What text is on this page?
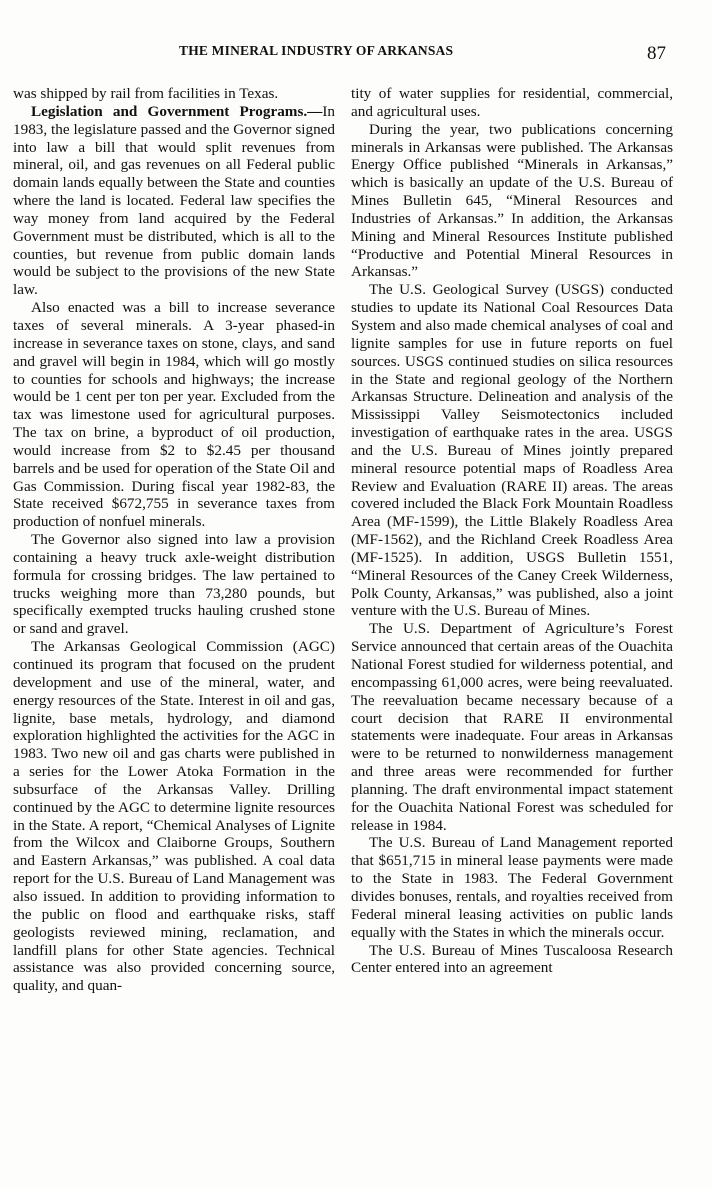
THE MINERAL INDUSTRY OF ARKANSAS	87

was shipped by rail from facilities in Texas.

Legislation and Government Programs.—In 1983, the legislature passed and the Governor signed into law a bill that would split revenues from mineral, oil, and gas revenues on all Federal public domain lands equally between the State and counties where the land is located. Federal law specifies the way money from land acquired by the Federal Government must be distributed, which is all to the counties, but revenue from public domain lands would be subject to the provisions of the new State law.

Also enacted was a bill to increase severance taxes of several minerals. A 3-year phased-in increase in severance taxes on stone, clays, and sand and gravel will begin in 1984, which will go mostly to counties for schools and highways; the increase would be 1 cent per ton per year. Excluded from the tax was limestone used for agricultural purposes. The tax on brine, a byproduct of oil production, would increase from $2 to $2.45 per thousand barrels and be used for operation of the State Oil and Gas Commission. During fiscal year 1982-83, the State received $672,755 in severance taxes from production of nonfuel minerals.

The Governor also signed into law a provision containing a heavy truck axle-weight distribution formula for crossing bridges. The law pertained to trucks weighing more than 73,280 pounds, but specifically exempted trucks hauling crushed stone or sand and gravel.

The Arkansas Geological Commission (AGC) continued its program that focused on the prudent development and use of the mineral, water, and energy resources of the State. Interest in oil and gas, lignite, base metals, hydrology, and diamond exploration highlighted the activities for the AGC in 1983. Two new oil and gas charts were published in a series for the Lower Atoka Formation in the subsurface of the Arkansas Valley. Drilling continued by the AGC to determine lignite resources in the State. A report, “Chemical Analyses of Lignite from the Wilcox and Claiborne Groups, Southern and Eastern Arkansas,” was published. A coal data report for the U.S. Bureau of Land Management was also issued. In addition to providing information to the public on flood and earthquake risks, staff geologists reviewed mining, reclamation, and landfill plans for other State agencies. Technical assistance was also provided concerning source, quality, and quan-

tity of water supplies for residential, commercial, and agricultural uses.

During the year, two publications concerning minerals in Arkansas were published. The Arkansas Energy Office published “Minerals in Arkansas,” which is basically an update of the U.S. Bureau of Mines Bulletin 645, “Mineral Resources and Industries of Arkansas.” In addition, the Arkansas Mining and Mineral Resources Institute published “Productive and Potential Mineral Resources in Arkansas.”

The U.S. Geological Survey (USGS) conducted studies to update its National Coal Resources Data System and also made chemical analyses of coal and lignite samples for use in future reports on fuel sources. USGS continued studies on silica resources in the State and regional geology of the Northern Arkansas Structure. Delineation and analysis of the Mississippi Valley Seismotectonics included investigation of earthquake rates in the area. USGS and the U.S. Bureau of Mines jointly prepared mineral resource potential maps of Roadless Area Review and Evaluation (RARE II) areas. The areas covered included the Black Fork Mountain Roadless Area (MF-1599), the Little Blakely Roadless Area (MF-1562), and the Richland Creek Roadless Area (MF-1525). In addition, USGS Bulletin 1551, “Mineral Resources of the Caney Creek Wilderness, Polk County, Arkansas,” was published, also a joint venture with the U.S. Bureau of Mines.

The U.S. Department of Agriculture’s Forest Service announced that certain areas of the Ouachita National Forest studied for wilderness potential, and encompassing 61,000 acres, were being reevaluated. The reevaluation became necessary because of a court decision that RARE II environmental statements were inadequate. Four areas in Arkansas were to be returned to nonwilderness management and three areas were recommended for further planning. The draft environmental impact statement for the Ouachita National Forest was scheduled for release in 1984.

The U.S. Bureau of Land Management reported that $651,715 in mineral lease payments were made to the State in 1983. The Federal Government divides bonuses, rentals, and royalties received from Federal mineral leasing activities on public lands equally with the States in which the minerals occur.

The U.S. Bureau of Mines Tuscaloosa Research Center entered into an agreement
